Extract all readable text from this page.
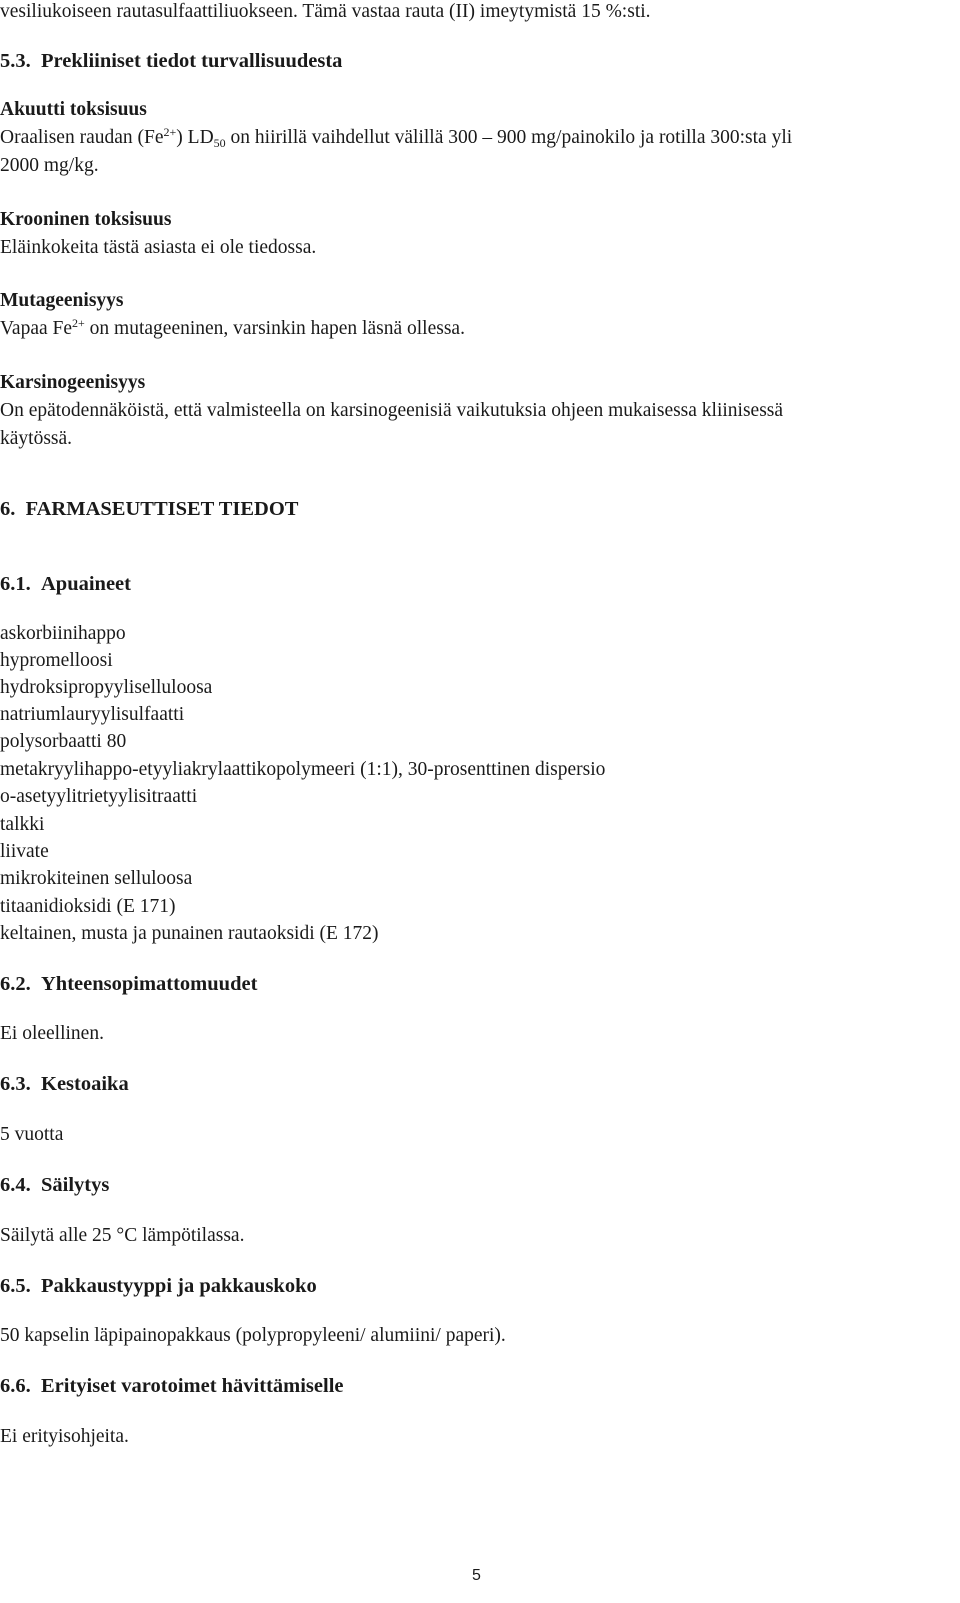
vesiliukoiseen rautasulfaattiliuokseen. Tämä vastaa rauta (II) imeytymistä 15 %:sti.

5.3. Prekliiniset tiedot turvallisuudesta

Akuutti toksisuus

Oraalisen raudan $(Fe^{2+})$ $LD_{50}$ on hiirillä vaihdellut välillä 300 – 900 mg/painokilo ja rotilla 300:sta yli

2000 mg/kg.

Krooninen toksisuus

Eläinkokeita tästä asiasta ei ole tiedossa.

Mutageenisyys

Vapaa $Fe^{2+}$ on mutageeninen, varsinkin hapen läsnä ollessa.

Karsinogeenisyys

On epätodennäköistä, että valmisteella on karsinogeenisiä vaikutuksia ohjeen mukaisessa kliinisessä

käytössä.

6. FARMASEUTTISET TIEDOT

6.1. Apuaineet

askorbiinihappo

hypromelloosi

hydroksipropyyliselluloosa

natriumlauryylisulfaatti

polysorbaatti 80

metakryylihappo-etyyliakrylaattikopolymeeri (1:1), 30-prosenttinen dispersio

o-asetyylitrietyylisitraatti

talkki

liivate

mikrokiteinen selluloosa

titaanidioksidi (E 171)

keltainen, musta ja punainen rautaoksidi (E 172)

6.2. Yhteensopimattomuudet

Ei oleellinen.

6.3. Kestoaika

5 vuotta

6.4. Säilytys

Säilytä alle 25 °C lämpötilassa.

6.5. Pakkaustyyppi ja pakkauskoko

50 kapselin läpipainopakkaus (polypropyleeni/ alumiini/ paperi).

6.6. Erityiset varotoimet hävittämiselle

Ei erityisohjeita.

5
